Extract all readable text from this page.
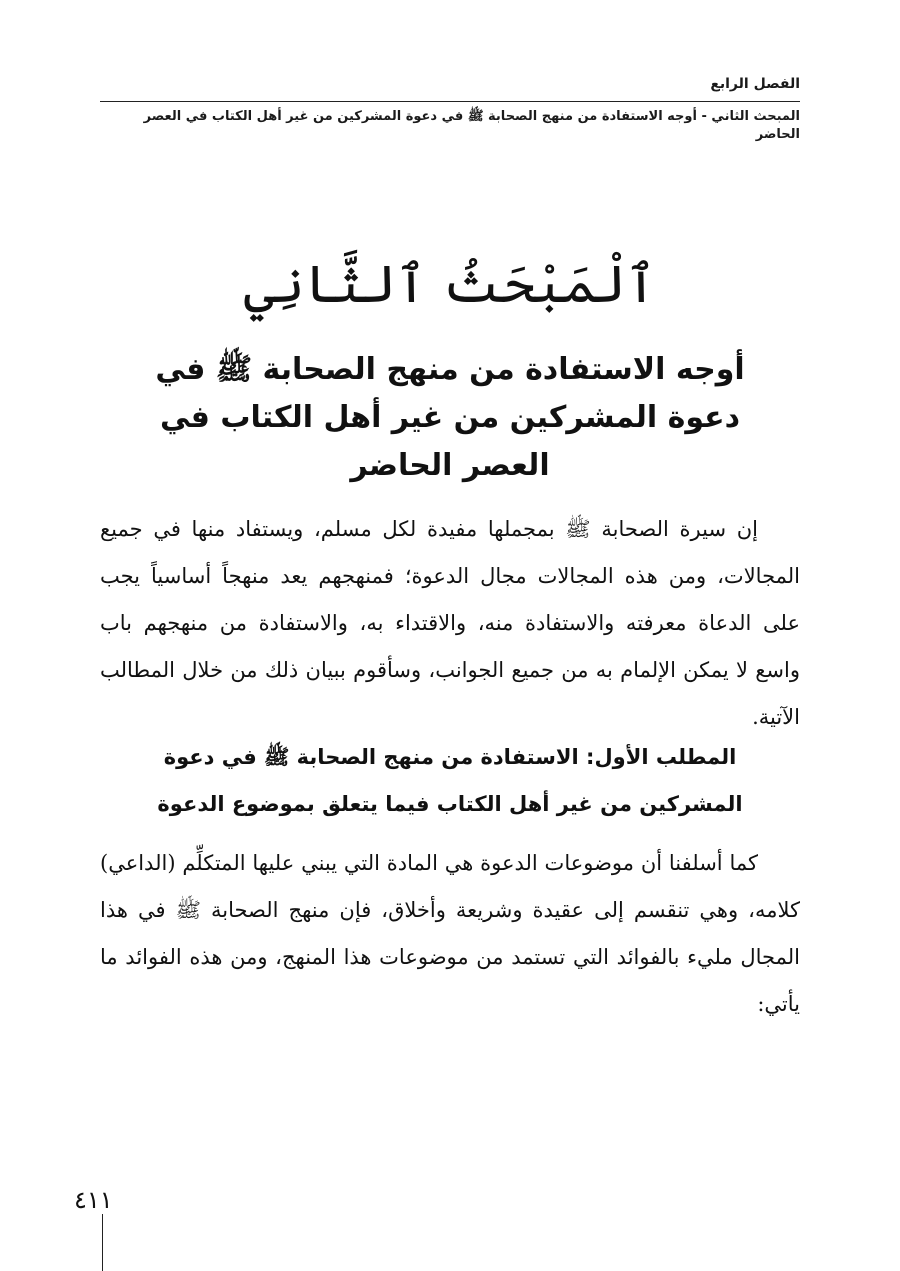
الفصل الرابع
المبحث الثاني - أوجه الاستفادة من منهج الصحابة ﷺ في دعوة المشركين من غير أهل الكتاب في العصر الحاضر
ٱلْمَبْحَثُ ٱلثَّانِي
أوجه الاستفادة من منهج الصحابة ﷺ في دعوة المشركين من غير أهل الكتاب في العصر الحاضر

إن سيرة الصحابة ﷺ بمجملها مفيدة لكل مسلم، ويستفاد منها في جميع المجالات، ومن هذه المجالات مجال الدعوة؛ فمنهجهم يعد منهجاً أساسياً يجب على الدعاة معرفته والاستفادة منه، والاقتداء به، والاستفادة من منهجهم باب واسع لا يمكن الإلمام به من جميع الجوانب، وسأقوم ببيان ذلك من خلال المطالب الآتية.

المطلب الأول: الاستفادة من منهج الصحابة ﷺ في دعوة المشركين من غير أهل الكتاب فيما يتعلق بموضوع الدعوة

كما أسلفنا أن موضوعات الدعوة هي المادة التي يبني عليها المتكلِّم (الداعي) كلامه، وهي تنقسم إلى عقيدة وشريعة وأخلاق، فإن منهج الصحابة ﷺ في هذا المجال مليء بالفوائد التي تستمد من موضوعات هذا المنهج، ومن هذه الفوائد ما يأتي:

٤١١
